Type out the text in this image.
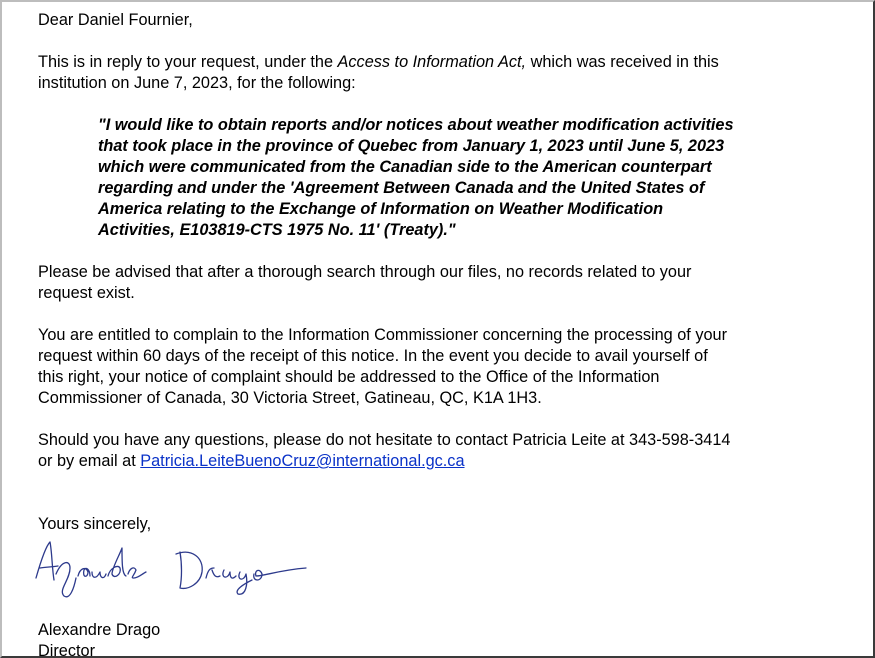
Dear Daniel Fournier,

This is in reply to your request, under the Access to Information Act, which was received in this

institution on June 7, 2023, for the following:

"I would like to obtain reports and/or notices about weather modification activities
that took place in the province of Quebec from January 1, 2023 until June 5, 2023
which were communicated from the Canadian side to the American counterpart
regarding and under the 'Agreement Between Canada and the United States of
America relating to the Exchange of Information on Weather Modification
Activities, E103819-CTS 1975 No. 11' (Treaty)."

Please be advised that after a thorough search through our files, no records related to your

request exist.

You are entitled to complain to the Information Commissioner concerning the processing of your

request within 60 days of the receipt of this notice. In the event you decide to avail yourself of

this right, your notice of complaint should be addressed to the Office of the Information

Commissioner of Canada, 30 Victoria Street, Gatineau, QC, K1A 1H3.

Should you have any questions, please do not hesitate to contact Patricia Leite at 343-598-3414

or by email at Patricia.LeiteBuenoCruz@international.gc.ca

Yours sincerely,

Alexandre Drago

Director
